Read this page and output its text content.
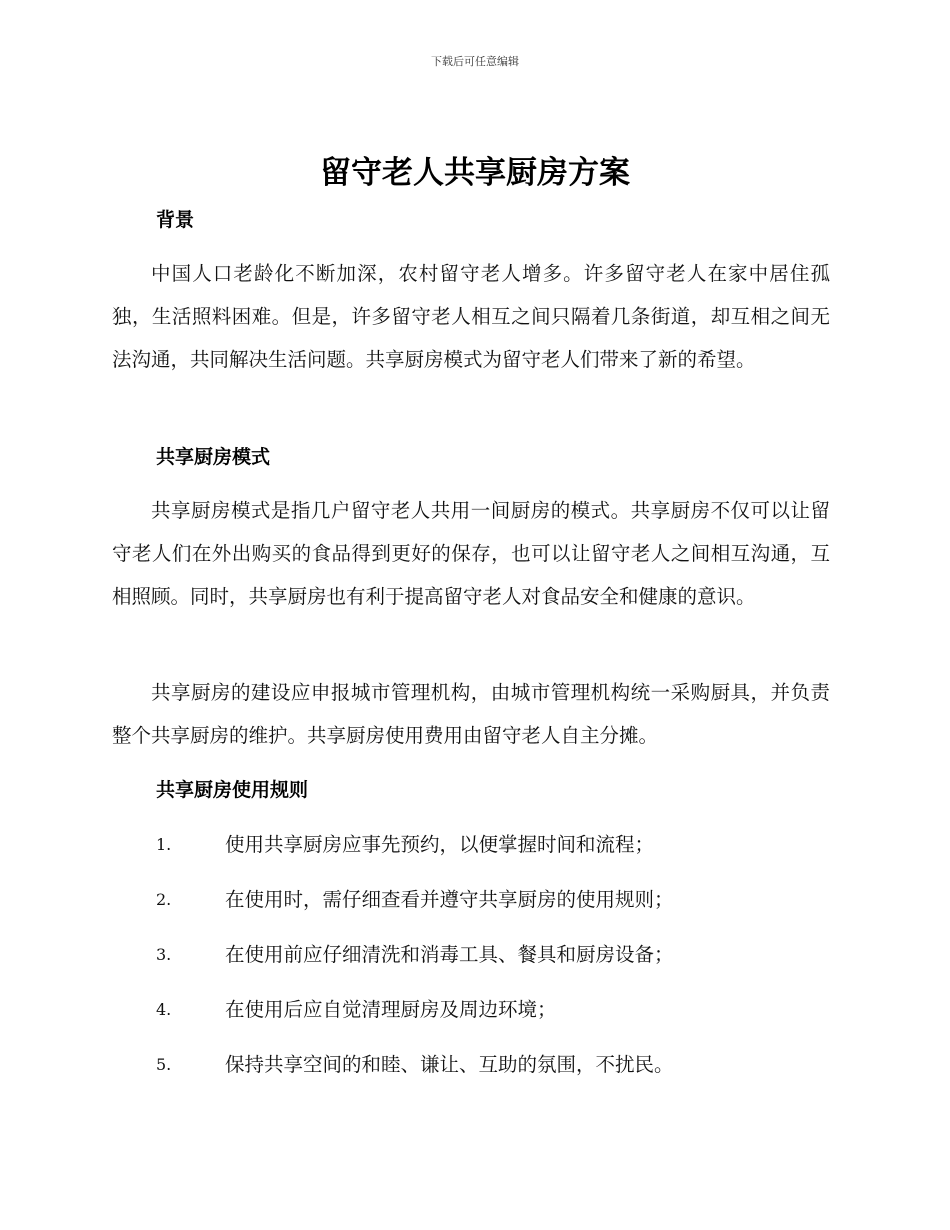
下载后可任意编辑
留守老人共享厨房方案
背景

中国人口老龄化不断加深，农村留守老人增多。许多留守老人在家中居住孤独，生活照料困难。但是，许多留守老人相互之间只隔着几条街道，却互相之间无法沟通，共同解决生活问题。共享厨房模式为留守老人们带来了新的希望。

共享厨房模式

共享厨房模式是指几户留守老人共用一间厨房的模式。共享厨房不仅可以让留守老人们在外出购买的食品得到更好的保存，也可以让留守老人之间相互沟通，互相照顾。同时，共享厨房也有利于提高留守老人对食品安全和健康的意识。

共享厨房的建设应申报城市管理机构，由城市管理机构统一采购厨具，并负责整个共享厨房的维护。共享厨房使用费用由留守老人自主分摊。

共享厨房使用规则
1.	使用共享厨房应事先预约，以便掌握时间和流程；
2.	在使用时，需仔细查看并遵守共享厨房的使用规则；
3.	在使用前应仔细清洗和消毒工具、餐具和厨房设备；
4.	在使用后应自觉清理厨房及周边环境；
5.	保持共享空间的和睦、谦让、互助的氛围，不扰民。
